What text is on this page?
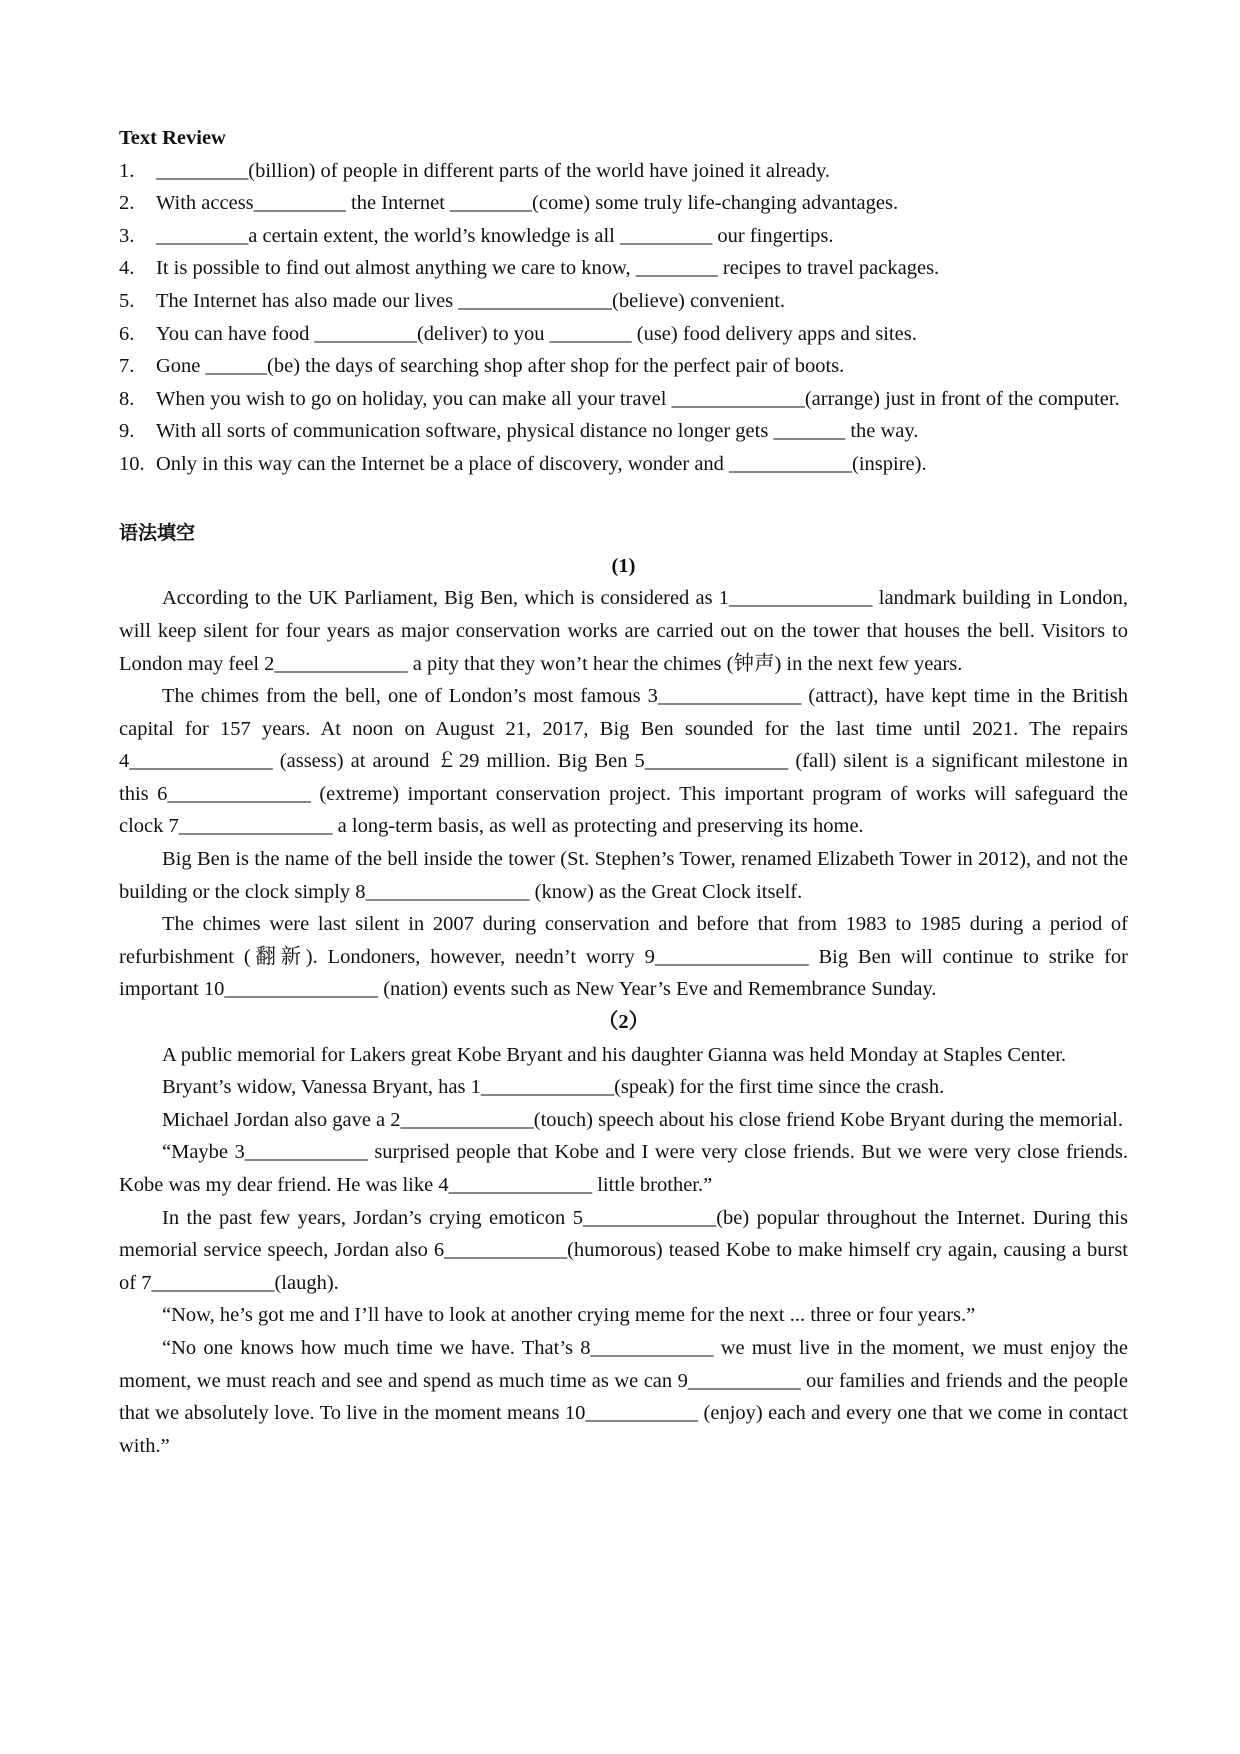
Text Review
1.	_________(billion) of people in different parts of the world have joined it already.
2.	With access_________ the Internet ________(come) some truly life-changing advantages.
3.	_________a certain extent, the world’s knowledge is all _________ our fingertips.
4.	It is possible to find out almost anything we care to know, ________ recipes to travel packages.
5.	The Internet has also made our lives _______________(believe) convenient.
6.	You can have food __________(deliver) to you ________ (use) food delivery apps and sites.
7.	Gone ______(be) the days of searching shop after shop for the perfect pair of boots.
8.	When you wish to go on holiday, you can make all your travel _____________(arrange) just in front of the computer.
9.	With all sorts of communication software, physical distance no longer gets _______ the way.
10. Only in this way can the Internet be a place of discovery, wonder and ____________(inspire).
语法填空
(1)

According to the UK Parliament, Big Ben, which is considered as 1______________ landmark building in London, will keep silent for four years as major conservation works are carried out on the tower that houses the bell. Visitors to London may feel 2_____________ a pity that they won’t hear the chimes (钟声) in the next few years.

The chimes from the bell, one of London’s most famous 3______________ (attract), have kept time in the British capital for 157 years. At noon on August 21, 2017, Big Ben sounded for the last time until 2021. The repairs 4______________ (assess) at around ￡29 million. Big Ben 5______________ (fall) silent is a significant milestone in this 6______________ (extreme) important conservation project. This important program of works will safeguard the clock 7_______________ a long-term basis, as well as protecting and preserving its home.

Big Ben is the name of the bell inside the tower (St. Stephen’s Tower, renamed Elizabeth Tower in 2012), and not the building or the clock simply 8________________ (know) as the Great Clock itself.

The chimes were last silent in 2007 during conservation and before that from 1983 to 1985 during a period of refurbishment (翻新). Londoners, however, needn’t worry 9_______________ Big Ben will continue to strike for important 10_______________ (nation) events such as New Year’s Eve and Remembrance Sunday.

（2）

A public memorial for Lakers great Kobe Bryant and his daughter Gianna was held Monday at Staples Center.

Bryant’s widow, Vanessa Bryant, has 1_____________(speak) for the first time since the crash.

Michael Jordan also gave a 2_____________(touch) speech about his close friend Kobe Bryant during the memorial.

“Maybe 3____________ surprised people that Kobe and I were very close friends. But we were very close friends. Kobe was my dear friend. He was like 4______________ little brother.”

In the past few years, Jordan’s crying emoticon 5_____________(be) popular throughout the Internet. During this memorial service speech, Jordan also 6____________(humorous) teased Kobe to make himself cry again, causing a burst of 7____________(laugh).

“Now, he’s got me and I’ll have to look at another crying meme for the next ... three or four years.”

“No one knows how much time we have. That’s 8____________ we must live in the moment, we must enjoy the moment, we must reach and see and spend as much time as we can 9___________ our families and friends and the people that we absolutely love. To live in the moment means 10___________ (enjoy) each and every one that we come in contact with.”
